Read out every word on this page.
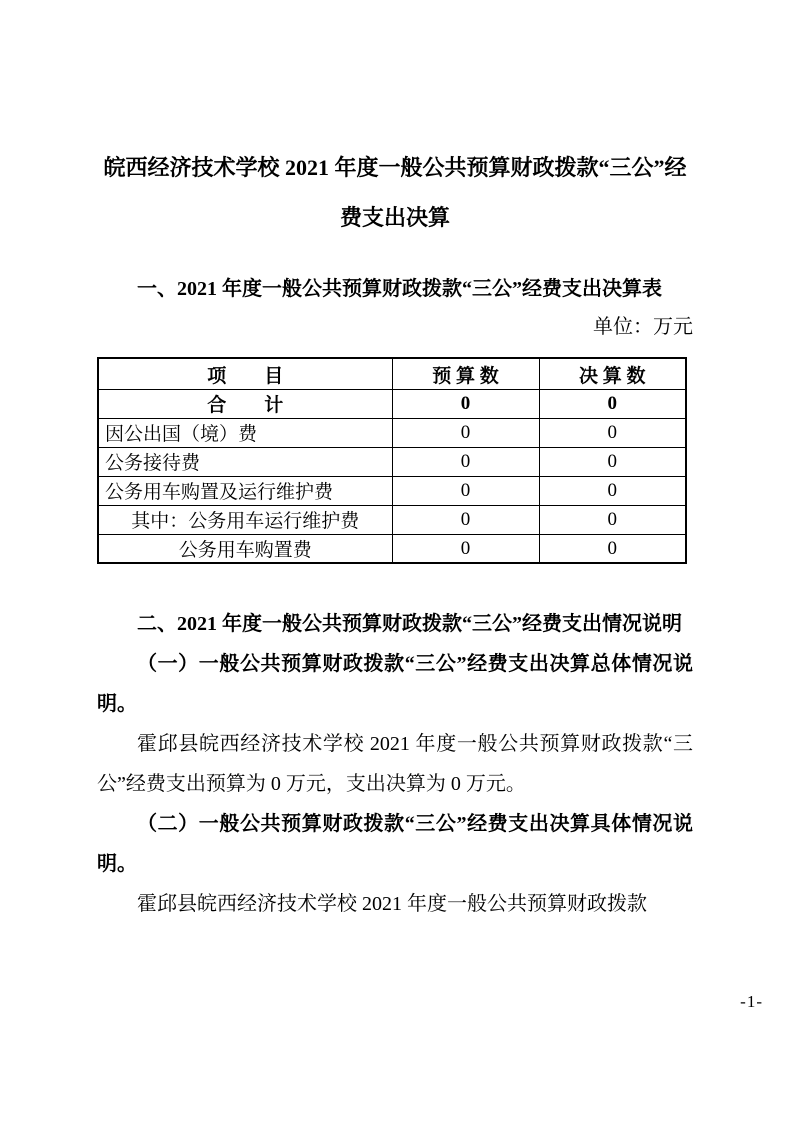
皖西经济技术学校 2021 年度一般公共预算财政拨款“三公”经费支出决算

一、2021 年度一般公共预算财政拨款“三公”经费支出决算表

单位：万元

项　　目	预 算 数	决 算 数
合　　计	0	0
因公出国（境）费	0	0
公务接待费	0	0
公务用车购置及运行维护费	0	0
其中：公务用车运行维护费	0	0
公务用车购置费	0	0

二、2021 年度一般公共预算财政拨款“三公”经费支出情况说明

（一）一般公共预算财政拨款“三公”经费支出决算总体情况说明。

霍邱县皖西经济技术学校 2021 年度一般公共预算财政拨款“三公”经费支出预算为 0 万元，支出决算为 0 万元。

（二）一般公共预算财政拨款“三公”经费支出决算具体情况说明。

霍邱县皖西经济技术学校 2021 年度一般公共预算财政拨款

-1-
